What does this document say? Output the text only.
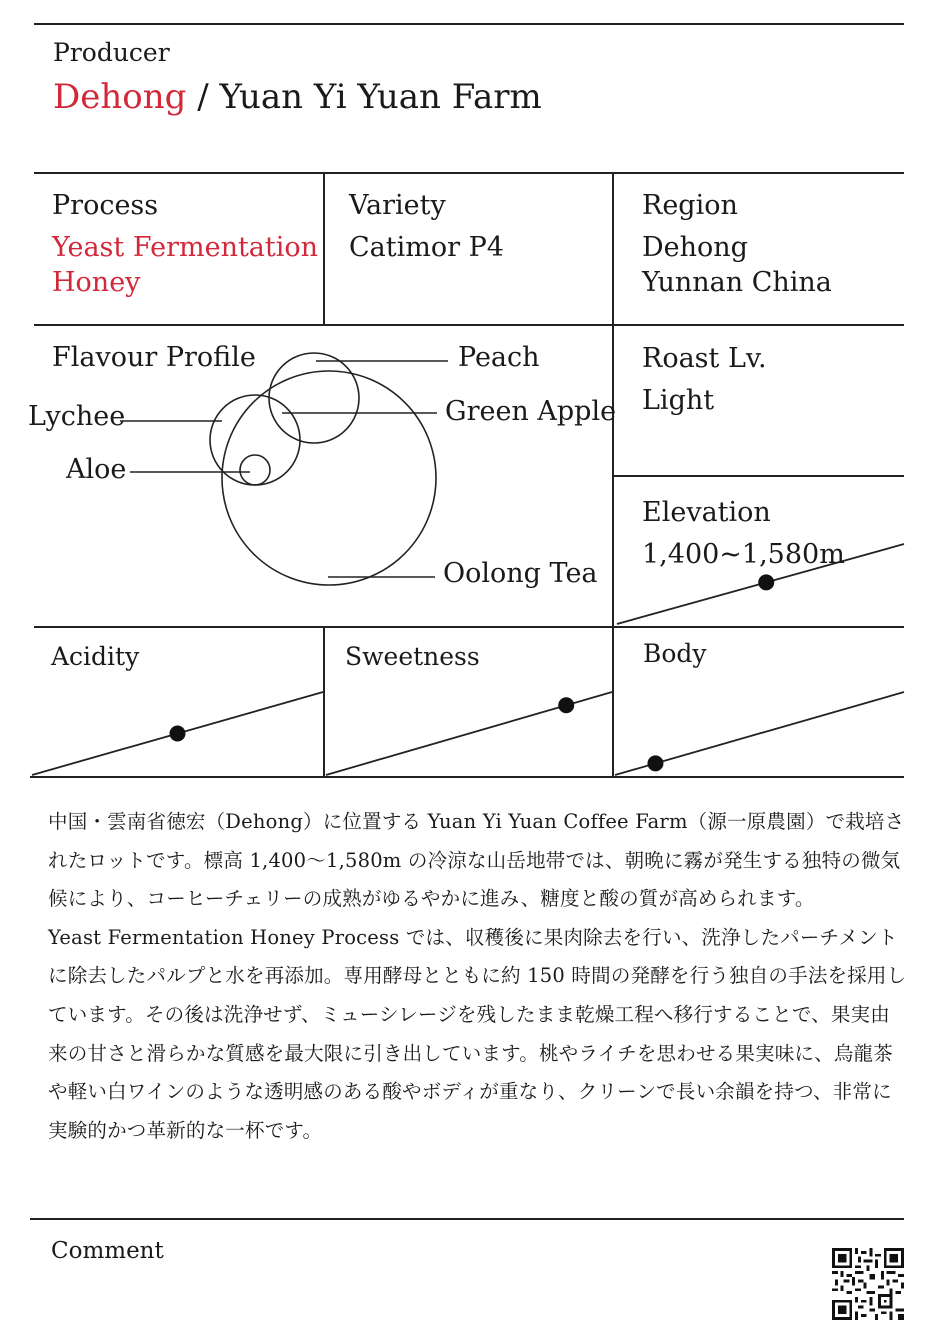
Producer
Dehong / Yuan Yi Yuan Farm
Process
Yeast Fermentation
Honey
Variety
Catimor P4
Region
Dehong
Yunnan China
Flavour Profile	Peach
Lychee	Green Apple
Aloe
Oolong Tea
Roast Lv.
Light
Elevation
1,400~1,580m
Acidity	Sweetness	Body

中国・雲南省徳宏（Dehong）に位置する Yuan Yi Yuan Coffee Farm（源一原農園）で栽培されたロットです。標高 1,400〜1,580m の冷涼な山岳地帯では、朝晩に霧が発生する独特の微気候により、コーヒーチェリーの成熟がゆるやかに進み、糖度と酸の質が高められます。

Yeast Fermentation Honey Process では、収穫後に果肉除去を行い、洗浄したパーチメントに除去したパルプと水を再添加。専用酵母とともに約 150 時間の発酵を行う独自の手法を採用しています。その後は洗浄せず、ミューシレージを残したまま乾燥工程へ移行することで、果実由来の甘さと滑らかな質感を最大限に引き出しています。桃やライチを思わせる果実味に、烏龍茶や軽い白ワインのような透明感のある酸やボディが重なり、クリーンで長い余韻を持つ、非常に実験的かつ革新的な一杯です。

Comment
